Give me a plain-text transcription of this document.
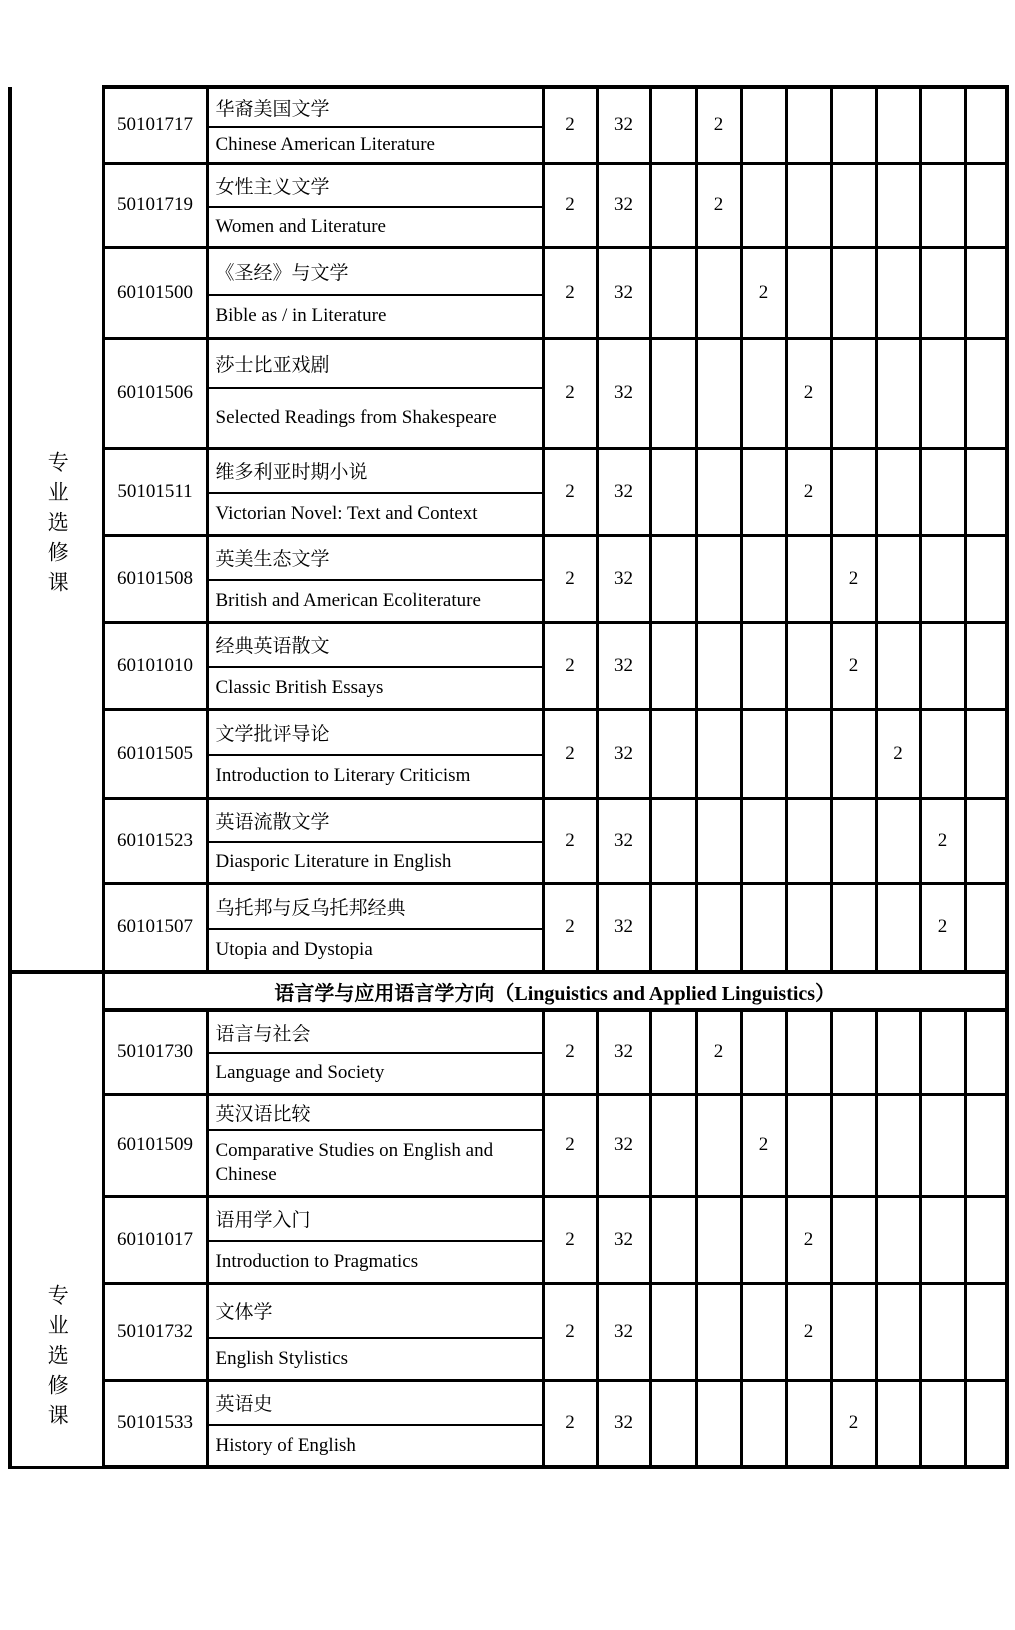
专业选修课	50101717	华裔美国文学	2	32		2						
		Chinese American Literature										
	50101719	女性主义文学	2	32		2						
		Women and Literature										
	60101500	《圣经》与文学	2	32			2					
		Bible as / in Literature										
	60101506	莎士比亚戏剧	2	32				2				
		Selected Readings from Shakespeare										
	50101511	维多利亚时期小说	2	32				2				
		Victorian Novel: Text and Context										
	60101508	英美生态文学	2	32					2			
		British and American Ecoliterature										
	60101010	经典英语散文	2	32					2			
		Classic British Essays										
	60101505	文学批评导论	2	32						2		
		Introduction to Literary Criticism										
	60101523	英语流散文学	2	32							2	
		Diasporic Literature in English										
	60101507	乌托邦与反乌托邦经典	2	32							2	
		Utopia and Dystopia										
专业选修课	语言学与应用语言学方向（Linguistics and Applied Linguistics）											
	50101730	语言与社会	2	32		2						
		Language and Society										
	60101509	英汉语比较	2	32			2					
		Comparative Studies on English and Chinese										
	60101017	语用学入门	2	32				2				
		Introduction to Pragmatics										
	50101732	文体学	2	32				2				
		English Stylistics										
	50101533	英语史	2	32					2			
		History of English										
